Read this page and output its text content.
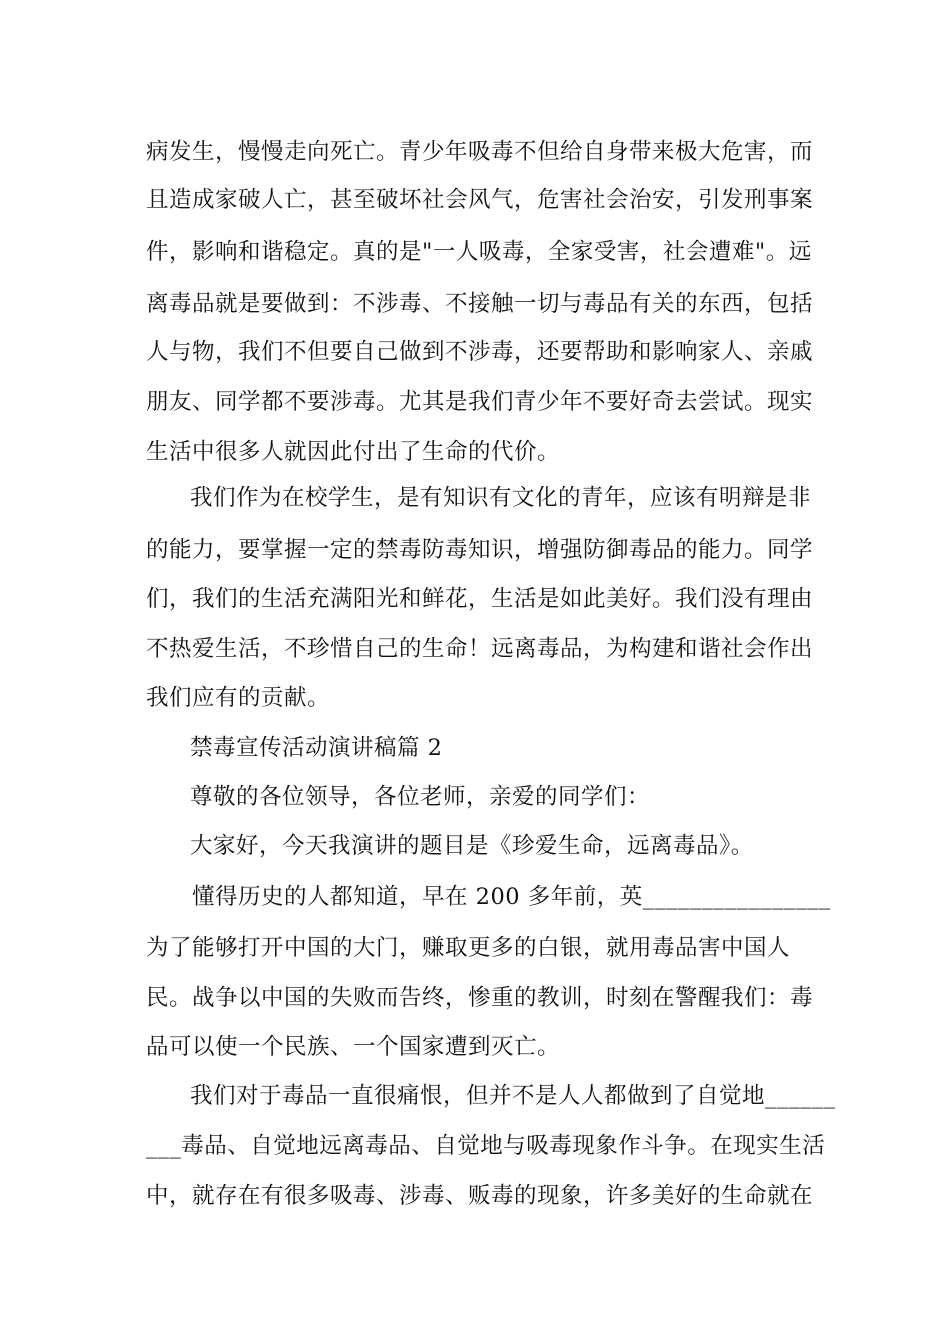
病发生，慢慢走向死亡。青少年吸毒不但给自身带来极大危害，而
且造成家破人亡，甚至破坏社会风气，危害社会治安，引发刑事案
件，影响和谐稳定。真的是"一人吸毒，全家受害，社会遭难"。远
离毒品就是要做到：不涉毒、不接触一切与毒品有关的东西，包括
人与物，我们不但要自己做到不涉毒，还要帮助和影响家人、亲戚
朋友、同学都不要涉毒。尤其是我们青少年不要好奇去尝试。现实
生活中很多人就因此付出了生命的代价。
我们作为在校学生，是有知识有文化的青年，应该有明辩是非
的能力，要掌握一定的禁毒防毒知识，增强防御毒品的能力。同学
们，我们的生活充满阳光和鲜花，生活是如此美好。我们没有理由
不热爱生活，不珍惜自己的生命！远离毒品，为构建和谐社会作出
我们应有的贡献。
禁毒宣传活动演讲稿篇 2
尊敬的各位领导，各位老师，亲爱的同学们：
大家好，今天我演讲的题目是《珍爱生命，远离毒品》。
懂得历史的人都知道，早在 200 多年前，英________________
为了能够打开中国的大门，赚取更多的白银，就用毒品害中国人
民。战争以中国的失败而告终，惨重的教训，时刻在警醒我们：毒
品可以使一个民族、一个国家遭到灭亡。
我们对于毒品一直很痛恨，但并不是人人都做到了自觉地______
___毒品、自觉地远离毒品、自觉地与吸毒现象作斗争。在现实生活
中，就存在有很多吸毒、涉毒、贩毒的现象，许多美好的生命就在
